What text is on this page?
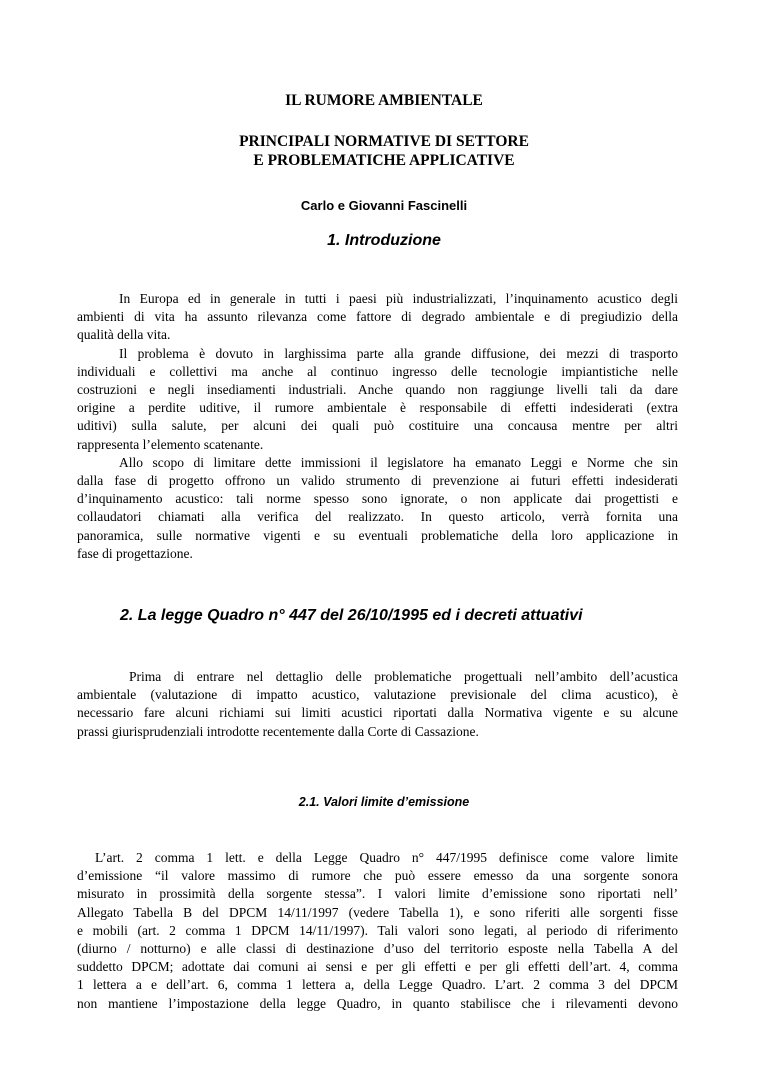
IL RUMORE AMBIENTALE
PRINCIPALI NORMATIVE DI SETTORE
E PROBLEMATICHE APPLICATIVE
Carlo e Giovanni Fascinelli
1. Introduzione
In Europa ed in generale in tutti i paesi più industrializzati, l’inquinamento acustico degli
ambienti di vita ha assunto rilevanza come fattore di degrado ambientale e di pregiudizio della
qualità della vita.
Il problema è dovuto in larghissima parte alla grande diffusione, dei mezzi di trasporto
individuali e collettivi ma anche al continuo ingresso delle tecnologie impiantistiche nelle
costruzioni e negli insediamenti industriali. Anche quando non raggiunge livelli tali da dare
origine a perdite uditive, il rumore ambientale è responsabile di effetti indesiderati (extra
uditivi) sulla salute, per alcuni dei quali può costituire una concausa mentre per altri
rappresenta l’elemento scatenante.
Allo scopo di limitare dette immissioni il legislatore ha emanato Leggi e Norme che sin
dalla fase di progetto offrono un valido strumento di prevenzione ai futuri effetti indesiderati
d’inquinamento acustico: tali norme spesso sono ignorate, o non applicate dai progettisti e
collaudatori chiamati alla verifica del realizzato. In questo articolo, verrà fornita una
panoramica, sulle normative vigenti e su eventuali problematiche della loro applicazione in
fase di progettazione.
2. La legge Quadro n° 447 del 26/10/1995 ed i decreti attuativi
Prima di entrare nel dettaglio delle problematiche progettuali nell’ambito dell’acustica
ambientale (valutazione di impatto acustico, valutazione previsionale del clima acustico), è
necessario fare alcuni richiami sui limiti acustici riportati dalla Normativa vigente e su alcune
prassi giurisprudenziali introdotte recentemente dalla Corte di Cassazione.
2.1. Valori limite d’emissione
L’art. 2 comma 1 lett. e della Legge Quadro n° 447/1995 definisce come valore limite
d’emissione “il valore massimo di rumore che può essere emesso da una sorgente sonora
misurato in prossimità della sorgente stessa”. I valori limite d’emissione sono riportati nell’
Allegato Tabella B del DPCM 14/11/1997 (vedere Tabella 1), e sono riferiti alle sorgenti fisse
e mobili (art. 2 comma 1 DPCM 14/11/1997). Tali valori sono legati, al periodo di riferimento
(diurno / notturno) e alle classi di destinazione d’uso del territorio esposte nella Tabella A del
suddetto DPCM; adottate dai comuni ai sensi e per gli effetti e per gli effetti dell’art. 4, comma
1 lettera a e dell’art. 6, comma 1 lettera a, della Legge Quadro. L’art. 2 comma 3 del DPCM
non mantiene l’impostazione della legge Quadro, in quanto stabilisce che i rilevamenti devono
